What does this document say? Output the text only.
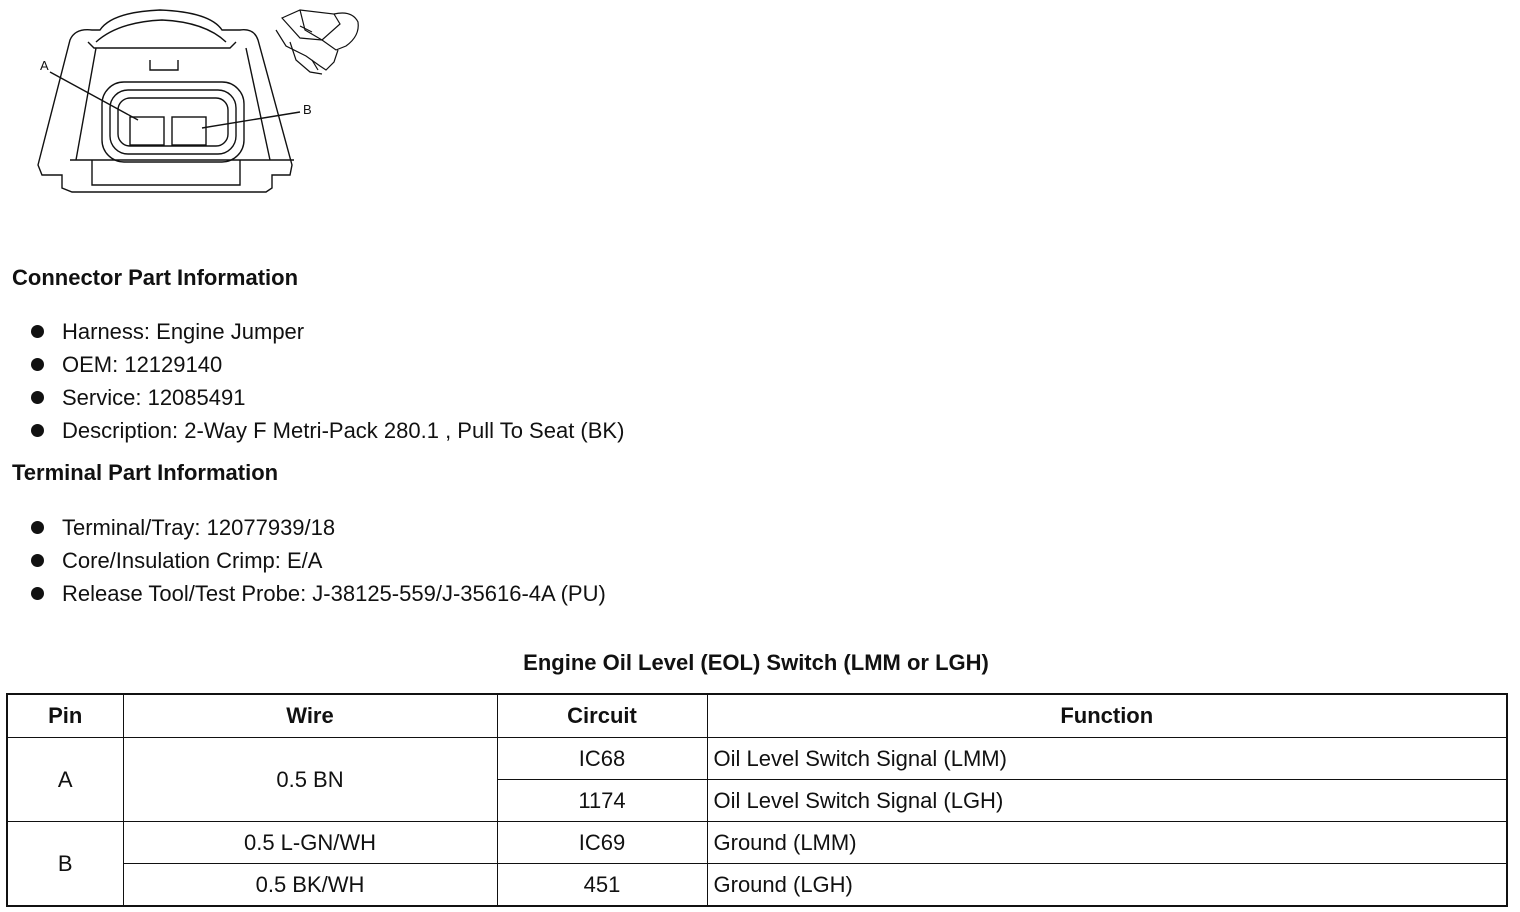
A
B
Connector Part Information
Harness: Engine Jumper
OEM: 12129140
Service: 12085491
Description: 2-Way F Metri-Pack 280.1 , Pull To Seat (BK)
Terminal Part Information
Terminal/Tray: 12077939/18
Core/Insulation Crimp: E/A
Release Tool/Test Probe: J-38125-559/J-35616-4A (PU)
Engine Oil Level (EOL) Switch (LMM or LGH)
Pin	Wire	Circuit	Function
A	0.5 BN	IC68	Oil Level Switch Signal (LMM)
		1174	Oil Level Switch Signal (LGH)
B	0.5 L-GN/WH	IC69	Ground (LMM)
	0.5 BK/WH	451	Ground (LGH)
